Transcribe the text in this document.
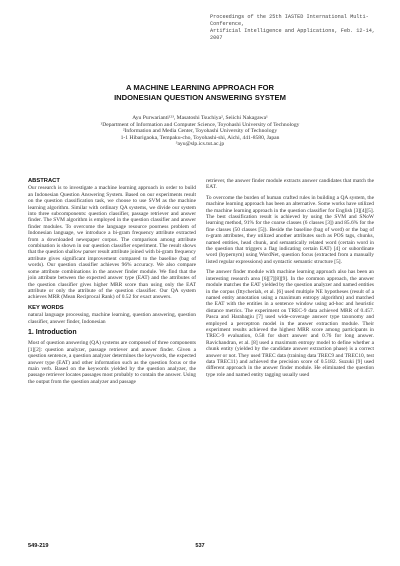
Proceedings of the 25th IASTED International Multi-Conference,
Artificial Intelligence and Applications, Feb. 12-14, 2007
A MACHINE LEARNING APPROACH FOR
INDONESIAN QUESTION ANSWERING SYSTEM
Ayu Purwarianti¹²³, Masatoshi Tsuchiya², Seiichi Nakagawa¹
¹Department of Information and Computer Science, Toyohashi University of Technology
²Information and Media Center, Toyohashi University of Technology
1-1 Hibarigaoka, Tempaku-cho, Toyohashi-shi, Aichi, 441-8580, Japan
³ayu@slp.ics.tut.ac.jp
ABSTRACT
Our research is to investigate a machine learning approach in order to build an Indonesian Question Answering System. Based on our experiments result on the question classification task, we choose to use SVM as the machine learning algorithm. Similar with ordinary QA systems, we divide our system into three subcomponents: question classifier, passage retriever and answer finder. The SVM algorithm is employed in the question classifier and answer finder modules. To overcome the language resource poorness problem of Indonesian language, we introduce a bi-gram frequency attribute extracted from a downloaded newspaper corpus. The comparison among attribute combination is shown in our question classifier experiment. The result shows that the question shallow parser result attribute joined with bi-gram frequency attribute gives significant improvement compared to the baseline (bag of words). Our question classifier achieves 96% accuracy. We also compare some attribute combinations in the answer finder module. We find that the join attribute between the expected answer type (EAT) and the attributes of the question classifier gives higher MRR score than using only the EAT attribute or only the attribute of the question classifier. Our QA system achieves MRR (Mean Reciprocal Rank) of 0.52 for exact answers.
KEY WORDS
natural language processing, machine learning, question answering, question classifier, answer finder, Indonesian
1. Introduction
Most of question answering (QA) systems are composed of three components [1][2]: question analyzer, passage retriever and answer finder. Given a question sentence, a question analyzer determines the keywords, the expected answer type (EAT) and other information such as the question focus or the main verb. Based on the keywords yielded by the question analyzer, the passage retriever locates passages most probably to contain the answer. Using the output from the question analyzer and passage
retriever, the answer finder module extracts answer candidates that match the EAT.
To overcome the burden of human crafted rules in building a QA system, the machine learning approach has been an alternative. Some works have utilized the machine learning approach in the question classifier for English [3][4][5]. The best classification result is achieved by using the SVM and SNoW learning method, 91% for the coarse classes (6 classes [3]) and 85.6% for the fine classes (50 classes [5]). Beside the baseline (bag of word) or the bag of n-gram attributes, they utilized another attributes such as POS tags, chunks, named entities, head chunk, and semantically related word (certain word in the question that triggers a flag indicating certain EAT) [4] or subordinate word (hypernym) using WordNet, question focus (extracted from a manually listed regular expressions) and syntactic semantic structure [5].
The answer finder module with machine learning approach also has been an interesting research area [6][7][8][9]. In the common approach, the answer module matches the EAT yielded by the question analyzer and named entities in the corpus (Ittycheriah, et al. [6] used multiple NE hypotheses (result of a named entity annotation using a maximum entropy algorithm) and matched the EAT with the entities in a sentence window using ad-hoc and heuristic distance metrics. The experiment on TREC-9 data achieved MRR of 0.457. Pasca and Harabagiu [7] used wide-coverage answer type taxonomy and employed a perceptron model in the answer extraction module. Their experiment results achieved the highest MRR score among participants in TREC-9 evaluation, 0.58 for short answer and 0.76 for long answer. Ravichandran, et al. [8] used a maximum entropy model to define whether a chunk entity (yielded by the candidate answer extraction phase) is a correct answer or not. They used TREC data (training data TREC9 and TREC10, test data TREC11) and achieved the precision score of 0.5182. Suzuki [9] used different approach in the answer finder module. He eliminated the question type role and named entity tagging usually used
549-219	537
